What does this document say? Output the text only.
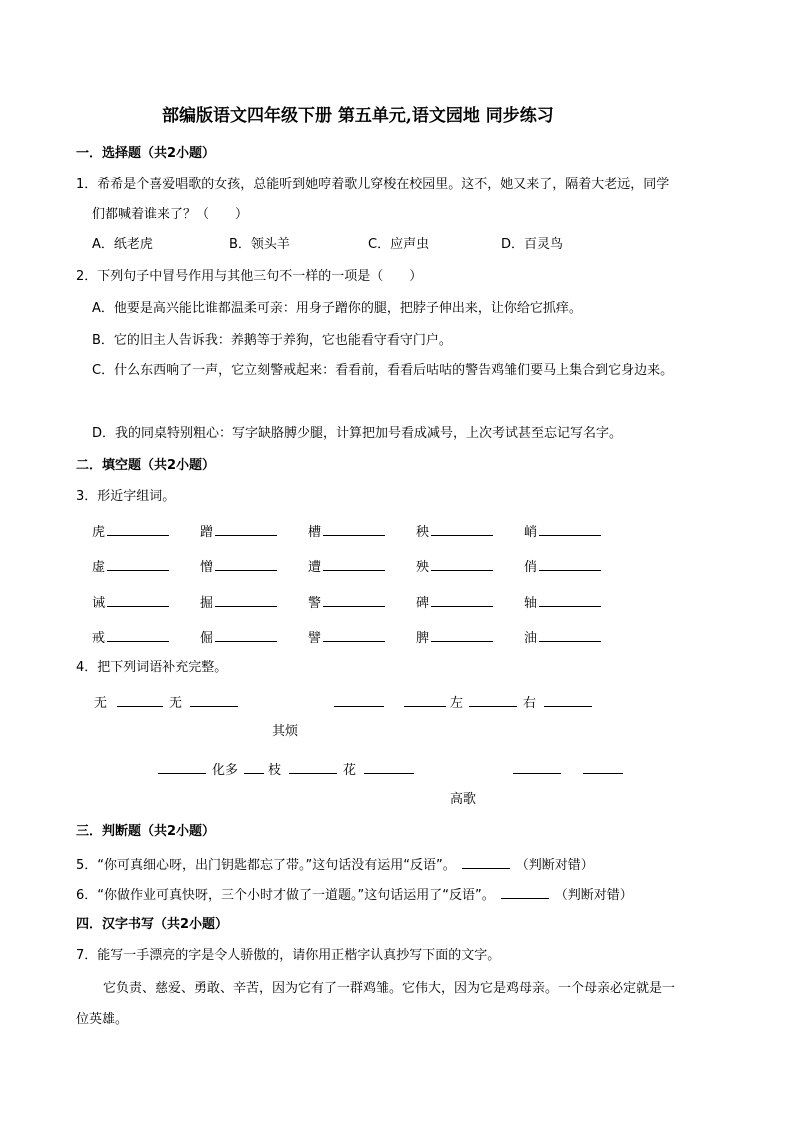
部编版语文四年级下册 第五单元,语文园地 同步练习
一．选择题（共2小题）
1．希希是个喜爱唱歌的女孩，总能听到她哼着歌儿穿梭在校园里。这不，她又来了，隔着大老远，同学
们都喊着谁来了？（　　）
A．纸老虎	B．领头羊	C．应声虫	D．百灵鸟
2．下列句子中冒号作用与其他三句不一样的一项是（　　）
A．他要是高兴能比谁都温柔可亲：用身子蹭你的腿，把脖子伸出来，让你给它抓痒。
B．它的旧主人告诉我：养鹅等于养狗，它也能看守看守门户。
C．什么东西响了一声，它立刻警戒起来：看看前，看看后咕咕的警告鸡雏们要马上集合到它身边来。
D．我的同桌特别粗心：写字缺胳膊少腿，计算把加号看成减号，上次考试甚至忘记写名字。
二．填空题（共2小题）
3．形近字组词。
虎	蹭	槽	秧	峭
虚	憎	遭	殃	俏
诫	掘	警	碑	轴
戒	倔	譬	脾	油
4．把下列词语补充完整。
无	无	左	右
其烦
化多 枝	花
高歌
三．判断题（共2小题）
5．“你可真细心呀，出门钥匙都忘了带。”这句话没有运用“反语”。	（判断对错）
6．“你做作业可真快呀，三个小时才做了一道题。”这句话运用了“反语”。	（判断对错）
四．汉字书写（共2小题）
7．能写一手漂亮的字是令人骄傲的，请你用正楷字认真抄写下面的文字。
它负责、慈爱、勇敢、辛苦，因为它有了一群鸡雏。它伟大，因为它是鸡母亲。一个母亲必定就是一
位英雄。
